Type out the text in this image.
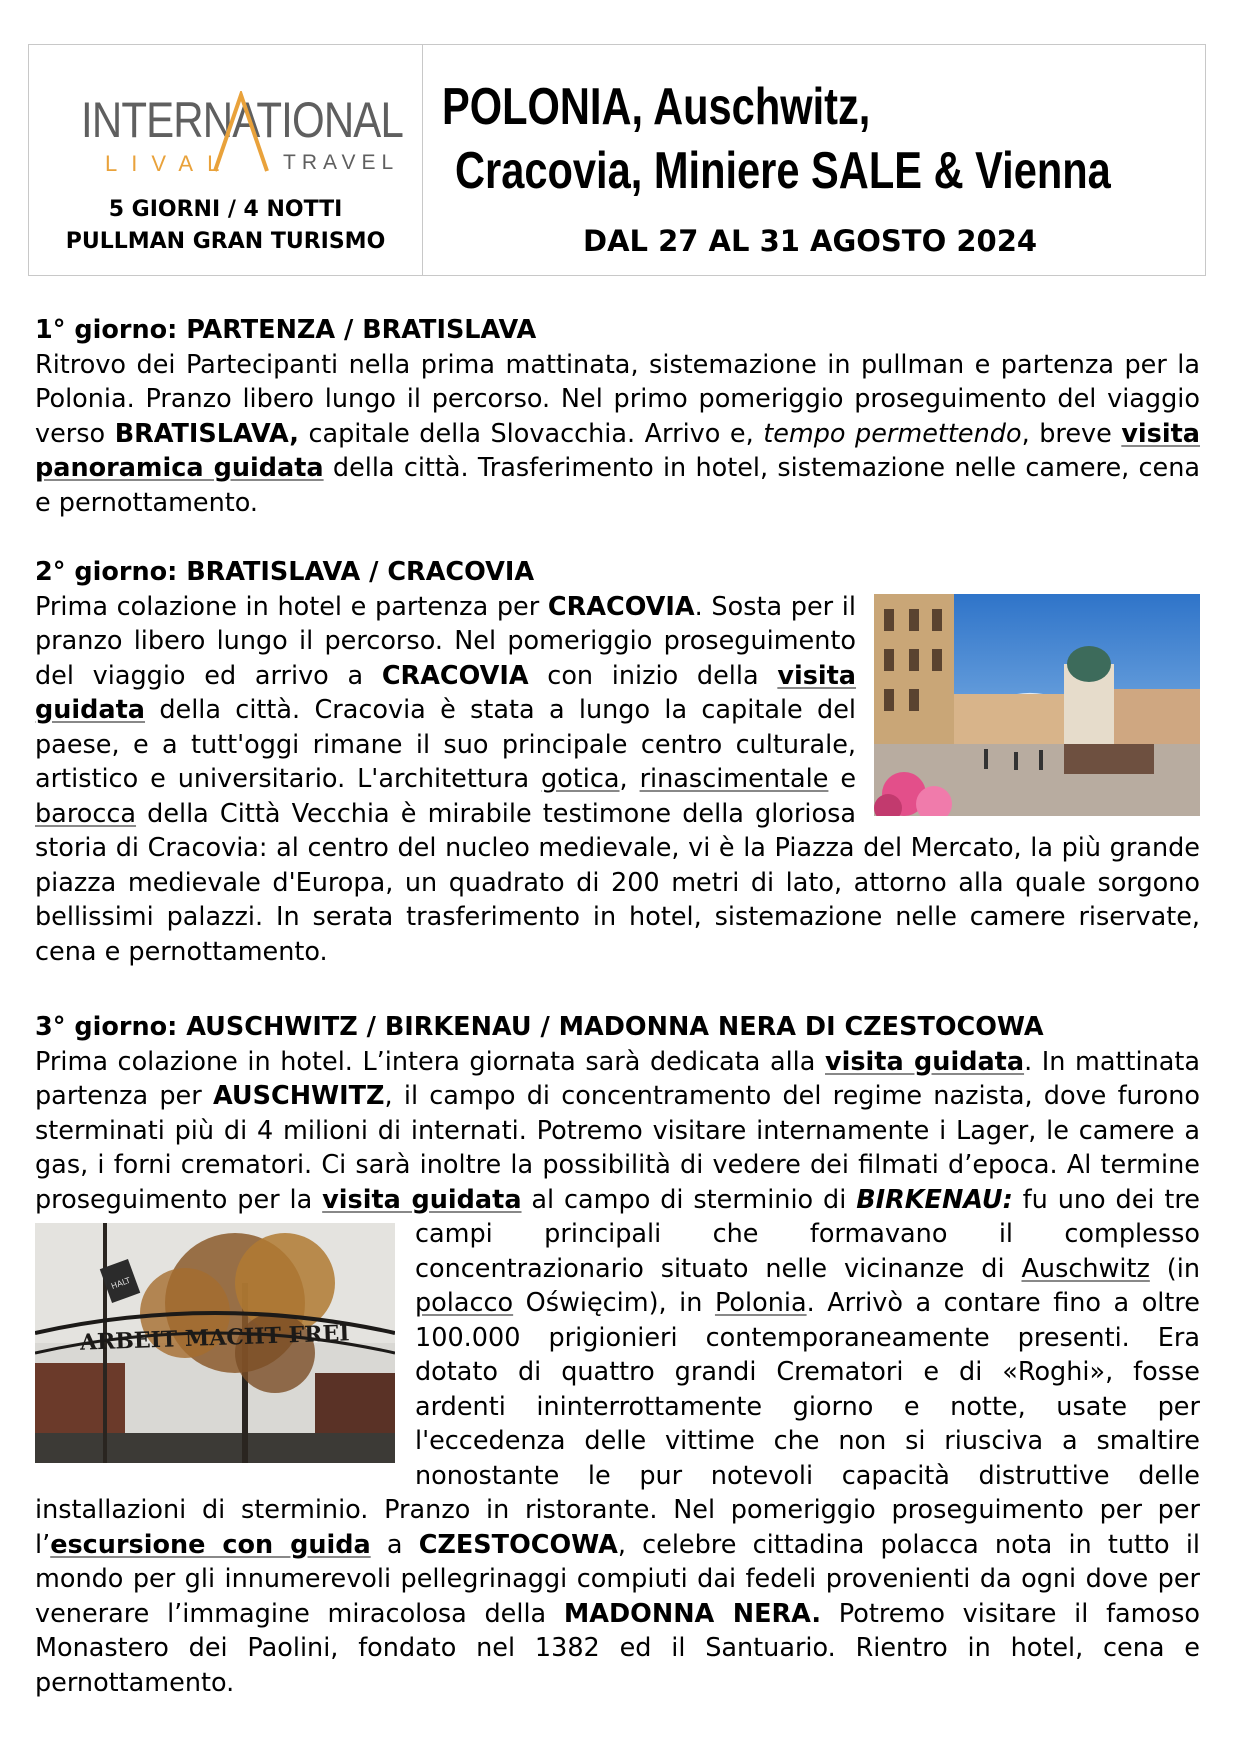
INTERNATIONAL
LIVAL TRAVEL
5 GIORNI / 4 NOTTI
PULLMAN GRAN TURISMO
POLONIA, Auschwitz,
Cracovia, Miniere SALE & Vienna
DAL 27 AL 31 AGOSTO 2024
1° giorno: PARTENZA / BRATISLAVA

Ritrovo dei Partecipanti nella prima mattinata, sistemazione in pullman e partenza per la Polonia. Pranzo libero lungo il percorso. Nel primo pomeriggio proseguimento del viaggio verso BRATISLAVA, capitale della Slovacchia. Arrivo e, tempo permettendo, breve visita panoramica guidata della città. Trasferimento in hotel, sistemazione nelle camere, cena e pernottamento.

2° giorno: BRATISLAVA / CRACOVIA

Prima colazione in hotel e partenza per CRACOVIA. Sosta per il pranzo libero lungo il percorso. Nel pomeriggio proseguimento del viaggio ed arrivo a CRACOVIA con inizio della visita guidata della città. Cracovia è stata a lungo la capitale del paese, e a tutt'oggi rimane il suo principale centro culturale, artistico e universitario. L'architettura gotica, rinascimentale e barocca della Città Vecchia è mirabile testimone della gloriosa storia di Cracovia: al centro del nucleo medievale, vi è la Piazza del Mercato, la più grande piazza medievale d'Europa, un quadrato di 200 metri di lato, attorno alla quale sorgono bellissimi palazzi. In serata trasferimento in hotel, sistemazione nelle camere riservate, cena e pernottamento.

3° giorno: AUSCHWITZ / BIRKENAU / MADONNA NERA DI CZESTOCOWA

Prima colazione in hotel. L’intera giornata sarà dedicata alla visita guidata. In mattinata partenza per AUSCHWITZ, il campo di concentramento del regime nazista, dove furono sterminati più di 4 milioni di internati. Potremo visitare internamente i Lager, le camere a gas, i forni crematori. Ci sarà inoltre la possibilità di vedere dei filmati d’epoca. Al termine proseguimento per la visita guidata al campo di sterminio di BIRKENAU:
ARBEIT MACHT FREI
HALT
fu uno dei tre campi principali che formavano il complesso concentrazionario situato nelle vicinanze di Auschwitz (in polacco Oświęcim), in Polonia. Arrivò a contare fino a oltre 100.000 prigionieri contemporaneamente presenti. Era dotato di quattro grandi Crematori e di «Roghi», fosse ardenti ininterrottamente giorno e notte, usate per l'eccedenza delle vittime che non si riusciva a smaltire nonostante le pur notevoli capacità distruttive delle installazioni di sterminio. Pranzo in ristorante. Nel pomeriggio proseguimento per per l’escursione con guida a CZESTOCOWA, celebre cittadina polacca nota in tutto il mondo per gli innumerevoli pellegrinaggi compiuti dai fedeli provenienti da ogni dove per venerare l’immagine miracolosa della MADONNA NERA. Potremo visitare il famoso Monastero dei Paolini, fondato nel 1382 ed il Santuario. Rientro in hotel, cena e pernottamento.
